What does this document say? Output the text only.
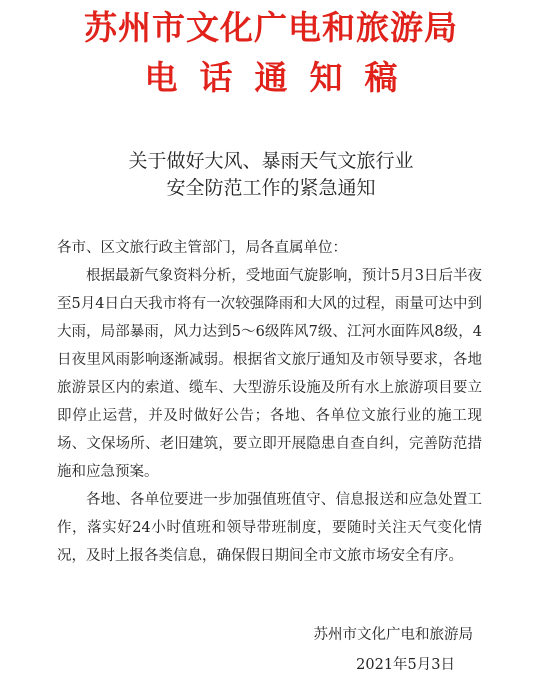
苏州市文化广电和旅游局
电话通知稿
关于做好大风、暴雨天气文旅行业
安全防范工作的紧急通知

各市、区文旅行政主管部门，局各直属单位：

根据最新气象资料分析，受地面气旋影响，预计5月3日后半夜至5月4日白天我市将有一次较强降雨和大风的过程，雨量可达中到大雨，局部暴雨，风力达到5～6级阵风7级、江河水面阵风8级，4日夜里风雨影响逐渐减弱。根据省文旅厅通知及市领导要求，各地旅游景区内的索道、缆车、大型游乐设施及所有水上旅游项目要立即停止运营，并及时做好公告；各地、各单位文旅行业的施工现场、文保场所、老旧建筑，要立即开展隐患自查自纠，完善防范措施和应急预案。

各地、各单位要进一步加强值班值守、信息报送和应急处置工作，落实好24小时值班和领导带班制度，要随时关注天气变化情况，及时上报各类信息，确保假日期间全市文旅市场安全有序。

苏州市文化广电和旅游局
2021年5月3日
